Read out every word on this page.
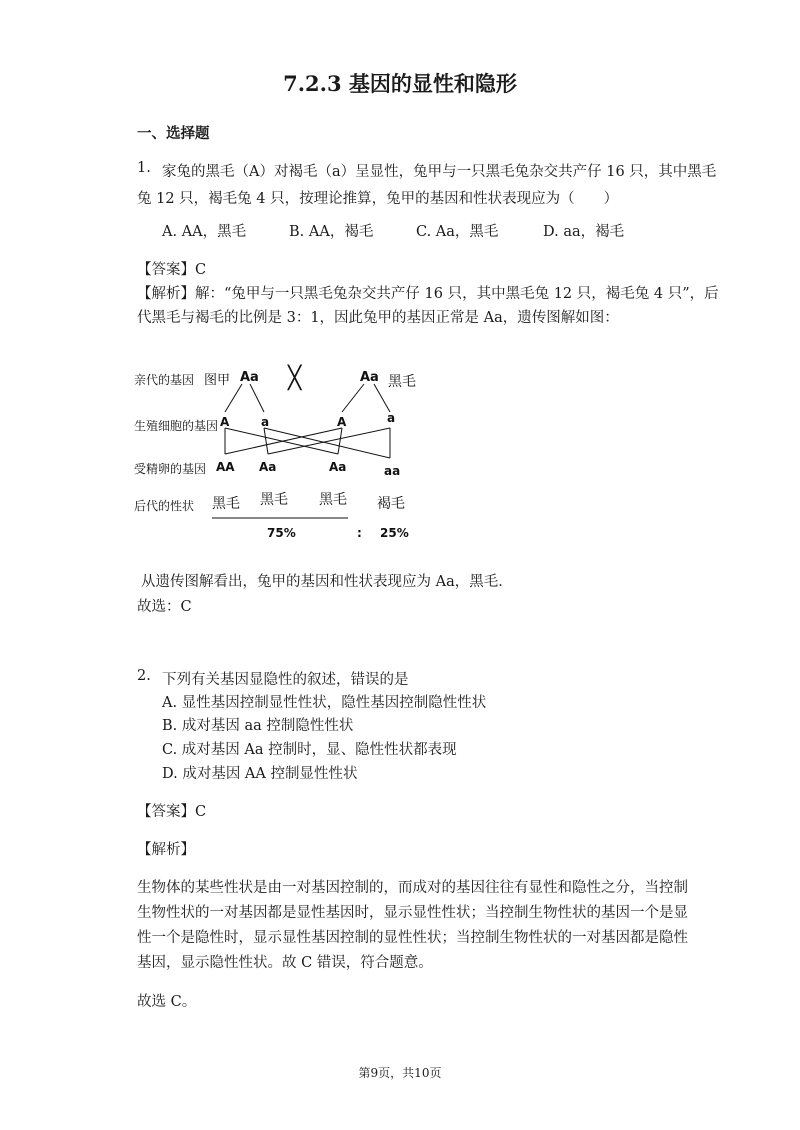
7.2.3 基因的显性和隐形
一、选择题
1. 家兔的黑毛（A）对褐毛（a）呈显性，兔甲与一只黑毛兔杂交共产仔 16 只，其中黑毛
兔 12 只，褐毛兔 4 只，按理论推算，兔甲的基因和性状表现应为（　　）
A. AA，黑毛	B. AA，褐毛	C. Aa，黑毛	D. aa，褐毛
【答案】C
【解析】解：“兔甲与一只黑毛兔杂交共产仔 16 只，其中黑毛兔 12 只，褐毛兔 4 只”，后
代黑毛与褐毛的比例是 3：1，因此兔甲的基因正常是 Aa，遗传图解如图：
亲代的基因
生殖细胞的基因
受精卵的基因
后代的性状
图甲 Aa ╳	Aa 黑毛
A	a	A	a
AA Aa	Aa	aa
黑毛 黑毛 黑毛 褐毛
75%	: 25%
从遗传图解看出，兔甲的基因和性状表现应为 Aa，黑毛．
故选：C
2. 下列有关基因显隐性的叙述，错误的是
A. 显性基因控制显性性状，隐性基因控制隐性性状
B. 成对基因 aa 控制隐性性状
C. 成对基因 Aa 控制时，显、隐性性状都表现
D. 成对基因 AA 控制显性性状
【答案】C
【解析】
生物体的某些性状是由一对基因控制的，而成对的基因往往有显性和隐性之分，当控制
生物性状的一对基因都是显性基因时，显示显性性状；当控制生物性状的基因一个是显
性一个是隐性时，显示显性基因控制的显性性状；当控制生物性状的一对基因都是隐性
基因，显示隐性性状。故 C 错误，符合题意。
故选 C。
第9页，共10页
